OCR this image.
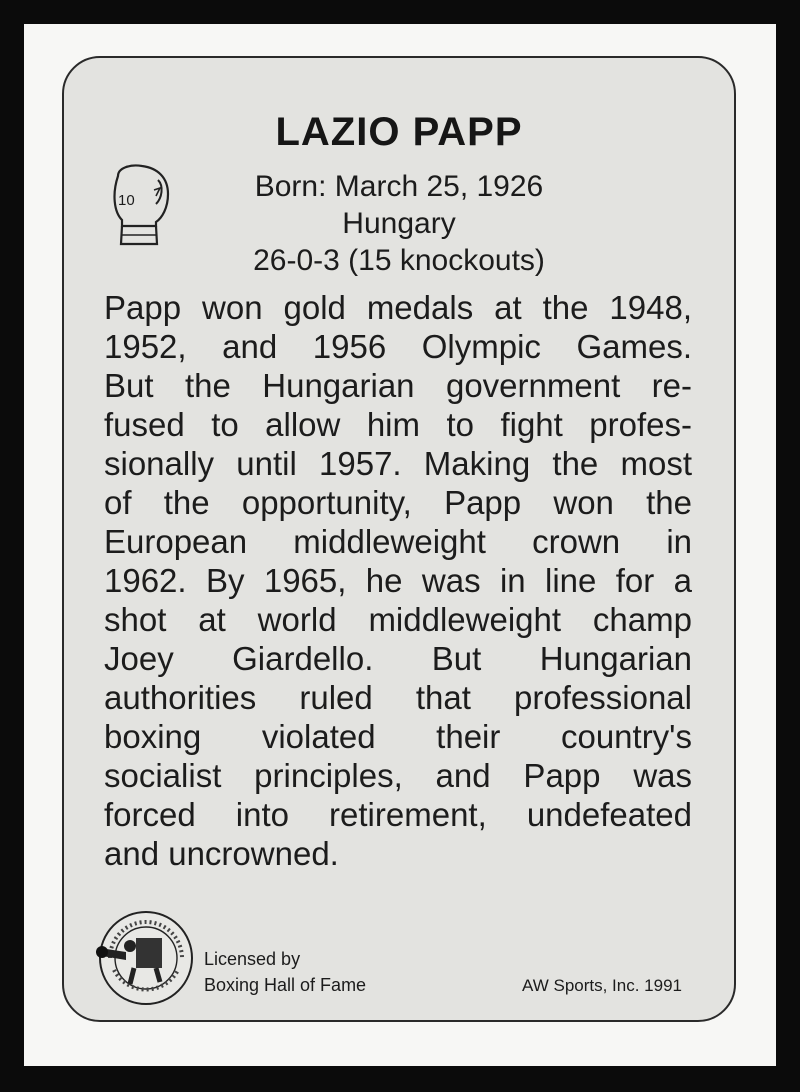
LAZIO PAPP
10	Born: March 25, 1926
Hungary
26-0-3 (15 knockouts)
Papp won gold medals at the 1948,
1952, and 1956 Olympic Games.
But the Hungarian government re-
fused to allow him to fight profes-
sionally until 1957. Making the most
of the opportunity, Papp won the
European middleweight crown in
1962. By 1965, he was in line for a
shot at world middleweight champ
Joey Giardello. But Hungarian
authorities ruled that professional
boxing violated their country's
socialist principles, and Papp was
forced into retirement, undefeated
and uncrowned.
Licensed by
Boxing Hall of Fame	AW Sports, Inc. 1991
